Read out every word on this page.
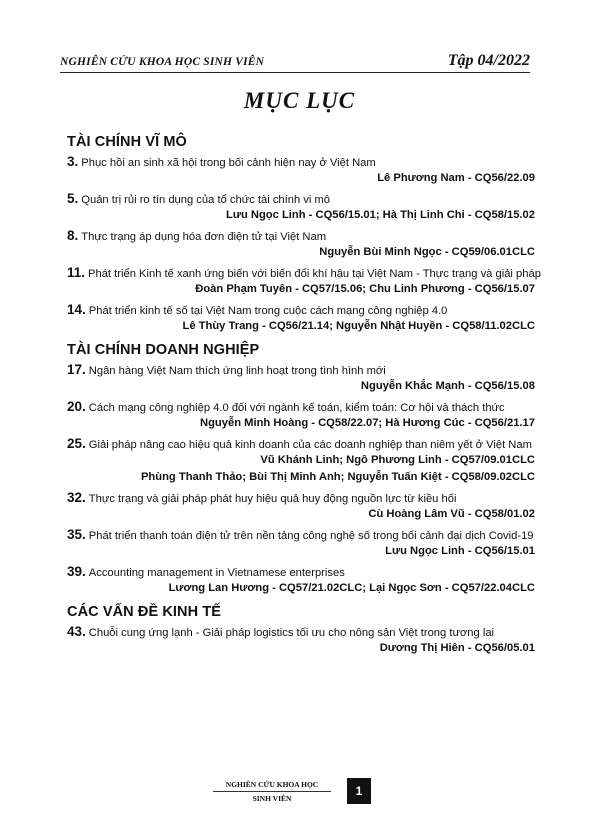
NGHIÊN CỨU KHOA HỌC SINH VIÊN	Tập 04/2022
MỤC LỤC
TÀI CHÍNH VĨ MÔ
3. Phục hồi an sinh xã hội trong bối cảnh hiện nay ở Việt Nam
Lê Phương Nam - CQ56/22.09
5. Quản trị rủi ro tín dụng của tổ chức tài chính vi mô
Lưu Ngọc Linh - CQ56/15.01; Hà Thị Linh Chi - CQ58/15.02
8. Thực trạng áp dụng hóa đơn điện tử tại Việt Nam
Nguyễn Bùi Minh Ngọc - CQ59/06.01CLC
11. Phát triển Kinh tế xanh ứng biến với biến đổi khí hậu tại Việt Nam - Thực trạng và giải pháp
Đoàn Phạm Tuyên - CQ57/15.06; Chu Linh Phương - CQ56/15.07
14. Phát triển kinh tế số tại Việt Nam trong cuộc cách mạng công nghiệp 4.0
Lê Thùy Trang - CQ56/21.14; Nguyễn Nhật Huyền - CQ58/11.02CLC
TÀI CHÍNH DOANH NGHIỆP
17. Ngân hàng Việt Nam thích ứng linh hoạt trong tình hình mới
Nguyễn Khắc Mạnh - CQ56/15.08
20. Cách mạng công nghiệp 4.0 đối với ngành kế toán, kiểm toán: Cơ hội và thách thức
Nguyễn Minh Hoàng - CQ58/22.07; Hà Hương Cúc - CQ56/21.17
25. Giải pháp nâng cao hiệu quả kinh doanh của các doanh nghiệp than niêm yết ở Việt Nam
Vũ Khánh Linh; Ngô Phương Linh - CQ57/09.01CLC
Phùng Thanh Thảo; Bùi Thị Minh Anh; Nguyễn Tuấn Kiệt - CQ58/09.02CLC
32. Thực trạng và giải pháp phát huy hiệu quả huy động nguồn lực từ kiều hối
Cù Hoàng Lâm Vũ - CQ58/01.02
35. Phát triển thanh toán điện tử trên nền tảng công nghệ số trong bối cảnh đại dịch Covid-19
Lưu Ngọc Linh - CQ56/15.01
39. Accounting management in Vietnamese enterprises
Lương Lan Hương - CQ57/21.02CLC; Lại Ngọc Sơn - CQ57/22.04CLC
CÁC VẤN ĐỀ KINH TẾ
43. Chuỗi cung ứng lạnh - Giải pháp logistics tối ưu cho nông sản Việt trong tương lai
Dương Thị Hiên - CQ56/05.01
NGHIÊN CỨU KHOA HỌC
SINH VIÊN
1
